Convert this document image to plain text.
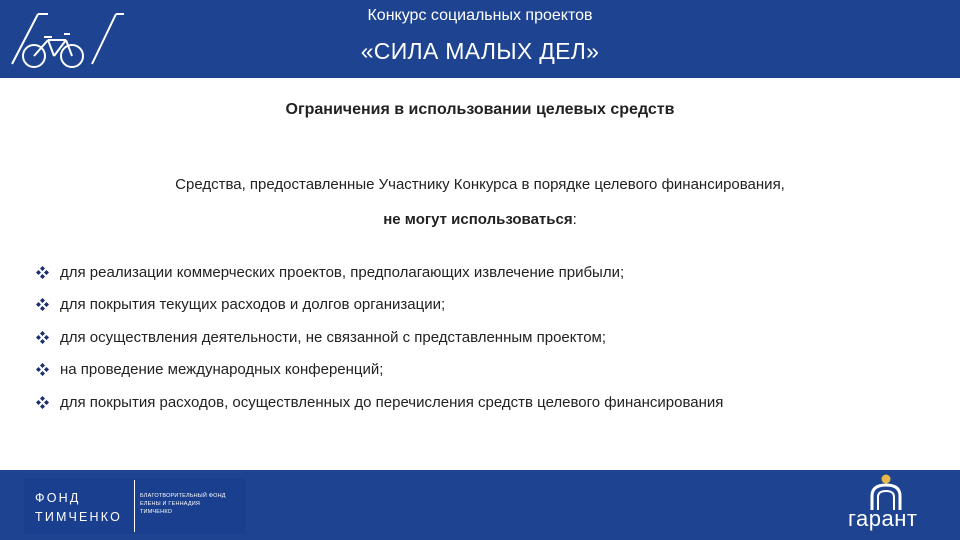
Конкурс социальных проектов
«СИЛА МАЛЫХ ДЕЛ»
Ограничения в использовании целевых средств
Средства, предоставленные Участнику Конкурса в порядке целевого финансирования,
не могут использоваться:
для реализации коммерческих проектов, предполагающих извлечение прибыли;
для покрытия текущих расходов и долгов организации;
для осуществления деятельности, не связанной с представленным проектом;
на проведение международных конференций;
для покрытия расходов, осуществленных до перечисления средств целевого финансирования
ФОНД
ТИМЧЕНКО
БЛАГОТВОРИТЕЛЬНЫЙ ФОНД
ЕЛЕНЫ И ГЕННАДИЯ
ТИМЧЕНКО	гарант
